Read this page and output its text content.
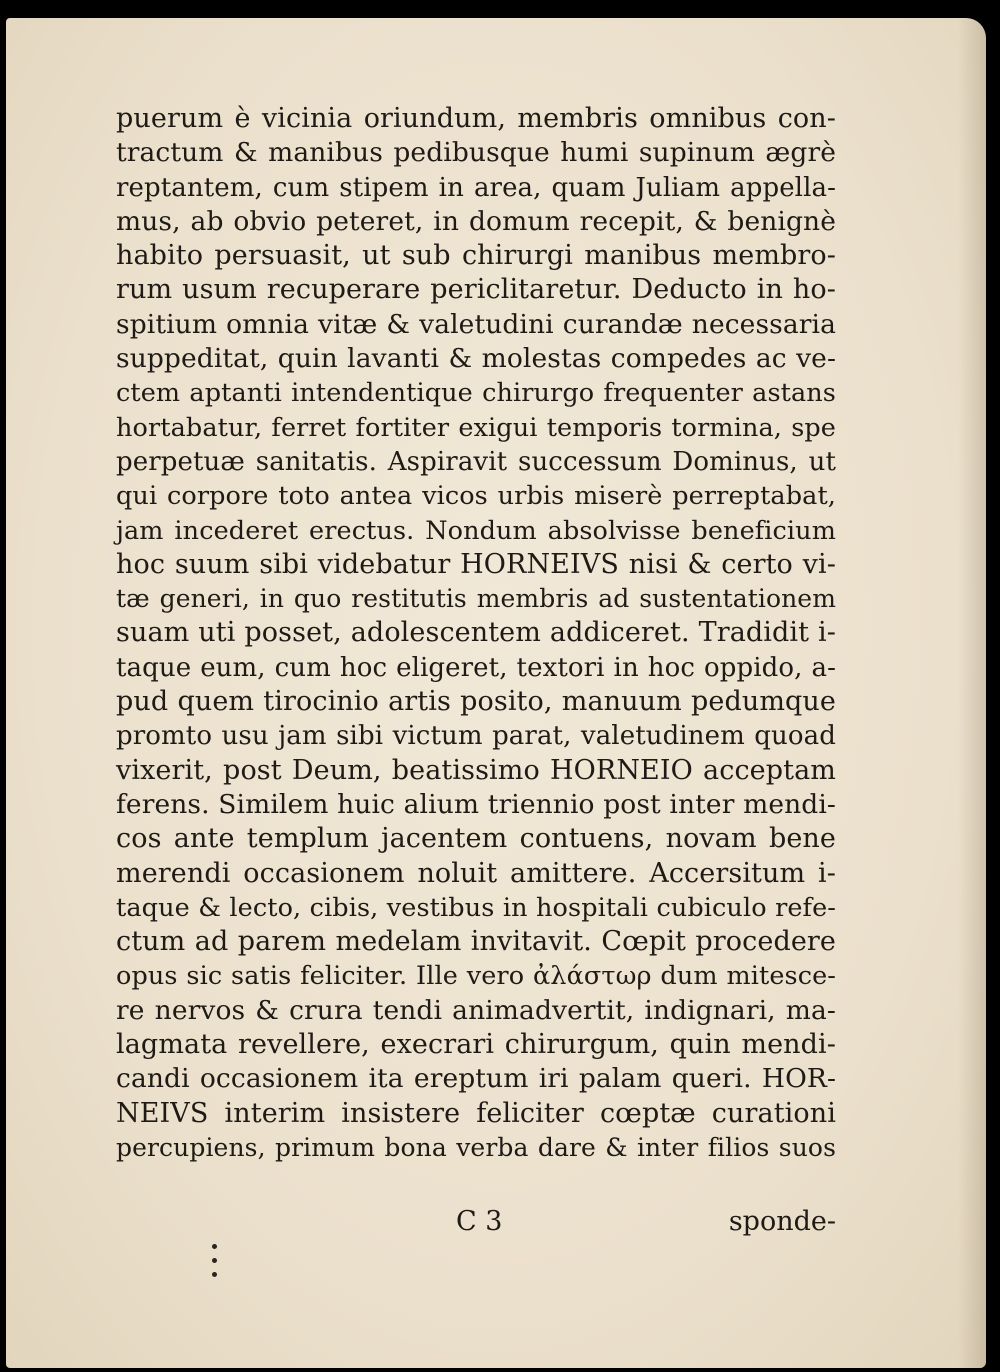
puerum è vicinia oriundum, membris omnibus con-
tractum & manibus pedibusque humi supinum ægrè
reptantem, cum stipem in area, quam Juliam appella-
mus, ab obvio peteret, in domum recepit, & benignè
habito persuasit, ut sub chirurgi manibus membro-
rum usum recuperare periclitaretur. Deducto in ho-
spitium omnia vitæ & valetudini curandæ necessaria
suppeditat, quin lavanti & molestas compedes ac ve-
ctem aptanti intendentique chirurgo frequenter astans
hortabatur, ferret fortiter exigui temporis tormina, spe
perpetuæ sanitatis. Aspiravit successum Dominus, ut
qui corpore toto antea vicos urbis miserè perreptabat,
jam incederet erectus. Nondum absolvisse beneficium
hoc suum sibi videbatur HORNEIVS nisi & certo vi-
tæ generi, in quo restitutis membris ad sustentationem
suam uti posset, adolescentem addiceret. Tradidit i-
taque eum, cum hoc eligeret, textori in hoc oppido, a-
pud quem tirocinio artis posito, manuum pedumque
promto usu jam sibi victum parat, valetudinem quoad
vixerit, post Deum, beatissimo HORNEIO acceptam
ferens. Similem huic alium triennio post inter mendi-
cos ante templum jacentem contuens, novam bene
merendi occasionem noluit amittere. Accersitum i-
taque & lecto, cibis, vestibus in hospitali cubiculo refe-
ctum ad parem medelam invitavit. Cœpit procedere
opus sic satis feliciter. Ille vero ἀλάστωρ dum mitesce-
re nervos & crura tendi animadvertit, indignari, ma-
lagmata revellere, execrari chirurgum, quin mendi-
candi occasionem ita ereptum iri palam queri. HOR-
NEIVS interim insistere feliciter cœptæ curationi
percupiens, primum bona verba dare & inter filios suos
C 3	sponde-
